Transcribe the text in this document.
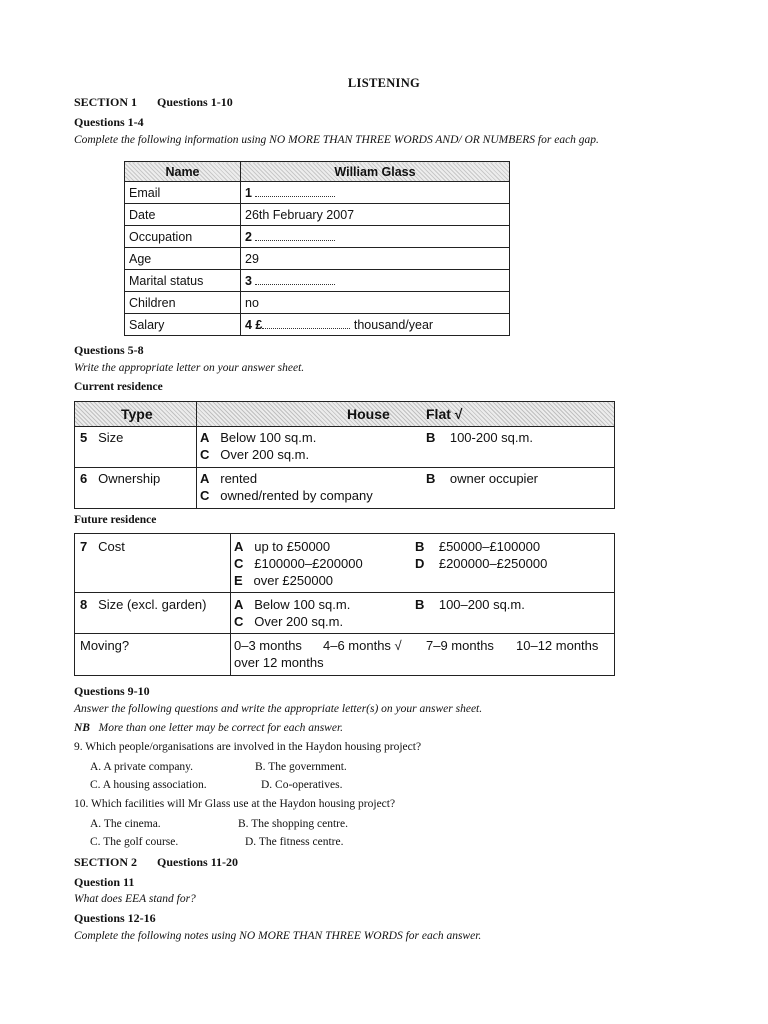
LISTENING
SECTION 1 Questions 1-10
Questions 1-4
Complete the following information using NO MORE THAN THREE WORDS AND/ OR NUMBERS for each gap.
Name	William Glass
Email	1
Date	26th February 2007
Occupation	2
Age	29
Marital status	3
Children	no
Salary	4 £ thousand/year
Questions 5-8
Write the appropriate letter on your answer sheet.
Current residence
Type	House	Flat √
5 Size	A Below 100 sq.m.	B 100-200 sq.m.
C Over 200 sq.m.
6 Ownership	A rented	B owner occupier
C owned/rented by company
Future residence
7 Cost	A up to £50000	B £50000–£100000
C £100000–£200000	D £200000–£250000
E over £250000
8 Size (excl. garden) A Below 100 sq.m.	B 100–200 sq.m.
C Over 200 sq.m.
Moving?	0–3 months 4–6 months √ 7–9 months 10–12 months
over 12 months
Questions 9-10
Answer the following questions and write the appropriate letter(s) on your answer sheet.
NB More than one letter may be correct for each answer.
9. Which people/organisations are involved in the Haydon housing project?
A. A private company.	B. The government.
C. A housing association.	D. Co-operatives.
10. Which facilities will Mr Glass use at the Haydon housing project?
A. The cinema.	B. The shopping centre.
C. The golf course.	D. The fitness centre.
SECTION 2 Questions 11-20
Question 11
What does EEA stand for?
Questions 12-16
Complete the following notes using NO MORE THAN THREE WORDS for each answer.
